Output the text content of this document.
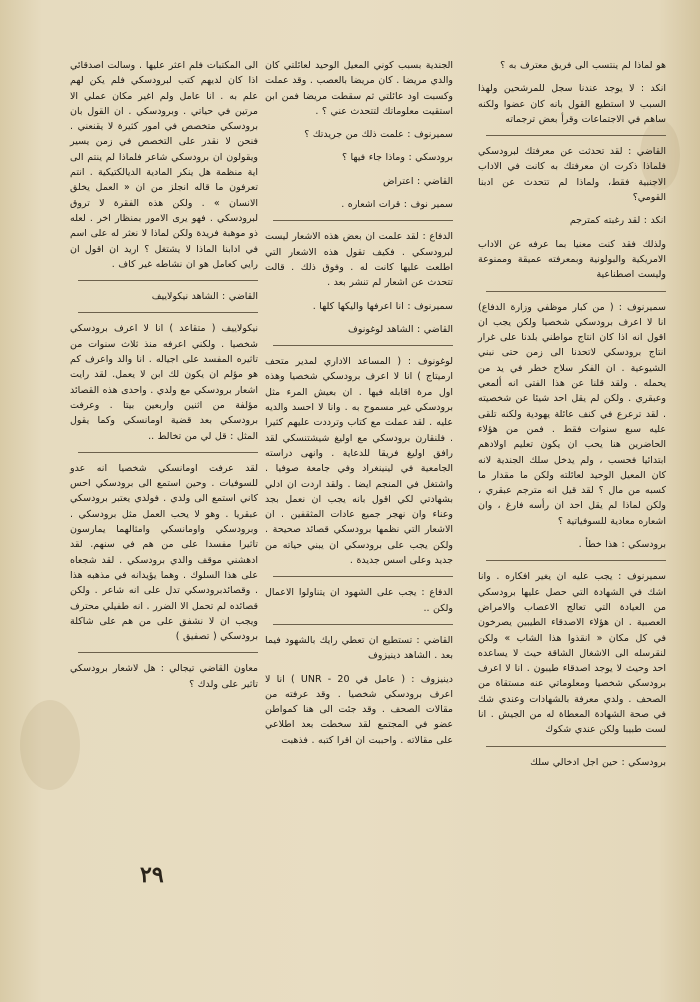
هو لماذا لم ينتسب الى فريق معترف به ؟

انكد : لا يوجد عندنا سجل للمرشحين ولهذا السبب لا استطيع القول بانه كان عضوا ولكنه ساهم في الاجتماعات وقرأ بعض ترجماته

القاضي : لقد تحدثت عن معرفتك لبرودسكي فلماذا ذكرت ان معرفتك به كانت في الاداب الاجنبية فقط، ولماذا لم تتحدث عن ادبنا القومي؟

انكد : لقد رغبته كمترجم

ولذلك فقد كنت معنيا بما عرفه عن الاداب الامريكية والبولونية وبمعرفته عميقة وممنوعة وليست اصطناعية

سميرنوف : ( من كبار موظفي وزارة الدفاع) انا لا اعرف برودسكي شخصيا ولكن يجب ان اقول انه اذا كان انتاج مواطني بلدنا على غرار انتاج برودسكي لاتحدنا الى زمن حتى نبني الشيوعية . ان الفكر سلاح خطر في يد من يحمله . ولقد قلنا عن هذا الفتى انه ألمعي وعبقري . ولكن لم يقل احد شيئا عن شخصيته . لقد ترعرع في كنف عائلة يهودية ولكنه تلقى عليه سبع سنوات فقط . فمن من هؤلاء الحاضرين هنا يحب ان يكون تعليم اولادهم ابتدائيا فحسب ، ولم يدخل سلك الجندية لانه كان المعيل الوحيد لعائلته ولكن ما مقدار ما كسبه من مال ؟ لقد قيل انه مترجم عبقري ، ولكن لماذا لم يقل احد ان رأسه فارغ ، وان اشعاره معادية للسوفياتية ؟

برودسكي : هذا خطأ .

سميرنوف : يجب عليه ان يغير افكاره . وانا اشك في الشهادة التي حصل عليها برودسكي من العيادة التي تعالج الاعصاب والامراض العصبية . ان هؤلاء الاصدقاء الطيبين يصرخون في كل مكان « انقذوا هذا الشاب » ولكن لنقرسله الى الاشغال الشاقة حيث لا يساعده احد وحيث لا يوجد اصدقاء طيبون . انا لا اعرف برودسكي شخصيا ومعلوماتي عنه مستقاة من الصحف . ولدي معرفة بالشهادات وعندي شك في صحة الشهادة المعطاة له من الجيش . انا لست طبيبا ولكن عندي شكوك

برودسكي : حين اجل ادخالي سلك

الجندية بسبب كوني المعيل الوحيد لعائلتي كان والدي مريضا . كان مريضا بالعصب . وقد عملت وكسبت اود عائلتي ثم سقطت مريضا فمن ابن استقيت معلوماتك لتتحدث عني ؟ .

سميرنوف : علمت ذلك من جريدتك ؟

برودسكي : وماذا جاء فيها ؟

القاضي : اعتراض

سمير نوف : قرات اشعاره .

الدفاع : لقد علمت ان بعض هذه الاشعار ليست لبرودسكي . فكيف تقول هذه الاشعار التي اطلعت عليها كانت له . وفوق ذلك . قالت تتحدث عن اشعار لم تنشر بعد .

سميرنوف : انا اعرفها واليكها كلها .

القاضي : الشاهد لوغونوف

لوغونوف : ( المساعد الاداري لمدير متحف ارميتاج ) انا لا اعرف برودسكي شخصيا وهذه اول مرة اقابله فيها . ان بعيش المرء مثل برودسكي غير مسموح به . وانا لا احسد والديه عليه . لقد عملت مع كتاب وترددت عليهم كثيرا . فلنقارن برودسكي مع اوليغ شيشتنسكي لقد رافق اوليغ فريقا للدعاية . وانهى دراسته الجامعية في لينينغراد وفي جامعة صوفيا . واشتغل في المنجم ايضا . ولقد اردت ان ادلي بشهادتي لكي اقول بانه يجب ان نعمل بجد وعناء وان نهجر جميع عادات المثقفين . ان الاشعار التي نظمها برودسكي قصائد صحيحة . ولكن يجب على برودسكي ان يبني حياته من جديد وعلى اسس جديدة .

الدفاع : يجب على الشهود ان يتناولوا الاعمال ولكن ..

القاضي : تستطيع ان تعطي رايك بالشهود فيما بعد . الشاهد دينيزوف

دينيزوف : ( عامل في UNR - 20 ) انا لا اعرف برودسكي شخصيا . وقد عرفته من مقالات الصحف . وقد جئت الى هنا كمواطن عضو في المجتمع لقد سخطت بعد اطلاعي على مقالاته . واحببت ان اقرا كتبه . فذهبت

الى المكتبات فلم اعثر عليها . وسالت اصدقائي اذا كان لديهم كتب لبرودسكي فلم يكن لهم علم به . انا عامل ولم اغير مكان عملي الا مرتين في حياتي . وبرودسكي . ان القول بان برودسكي متخصص في امور كثيرة لا يقنعني . فنحن لا نقدر على التخصص في زمن يسير ويقولون ان برودسكي شاعر فلماذا لم ينتم الى اية منظمة هل ينكر المادية الديالكتيكية . انتم تعرفون ما قاله انجلز من ان « العمل يخلق الانسان » . ولكن هذه الفقرة لا تروق لبرودسكي . فهو يرى الامور بمنظار اخر . لعله ذو موهبة فريدة ولكن لماذا لا نعثر له على اسم في ادابنا الماذا لا يشتغل ؟ اريد ان اقول ان رايي كعامل هو ان نشاطه غير كاف .

القاضي : الشاهد نيكولاييف

نيكولاييف ( متقاعد ) انا لا اعرف برودسكي شخصيا . ولكني اعرفه منذ ثلاث سنوات من تاثيره المفسد على اجياله . انا والد واعرف كم هو مؤلم ان يكون لك ابن لا يعمل. لقد رايت اشعار برودسكي مع ولدي . واحدى هذه القصائد مؤلفة من اثنين واربعين بيتا . وعرفت برودسكي بعد قضية اومانسكي وكما يقول المثل : قل لي من تخالط ..

لقد عرفت اومانسكي شخصيا انه عدو للسوفيات . وحين استمع الى برودسكي احس كاني استمع الى ولدي . فولدي يعتبر برودسكي عبقريا . وهو لا يحب العمل مثل برودسكي . وبرودسكي واومانسكي وامثالهما يمارسون تاثيرا مفسدا على من هم في سنهم. لقد ادهشني موقف والدي برودسكي . لقد شجعاه على هذا السلوك . وهما يؤيدانه في مذهبه هذا . وقصائدبرودسكي تدل على انه شاعر . ولكن قصائده لم تحمل الا الضرر . انه طفيلي محترف ويجب ان لا نشفق على من هم على شاكلة برودسكي ( تصفيق )

معاون القاضي تيجالي : هل لاشعار برودسكي تاثير على ولدك ؟

٢٩
